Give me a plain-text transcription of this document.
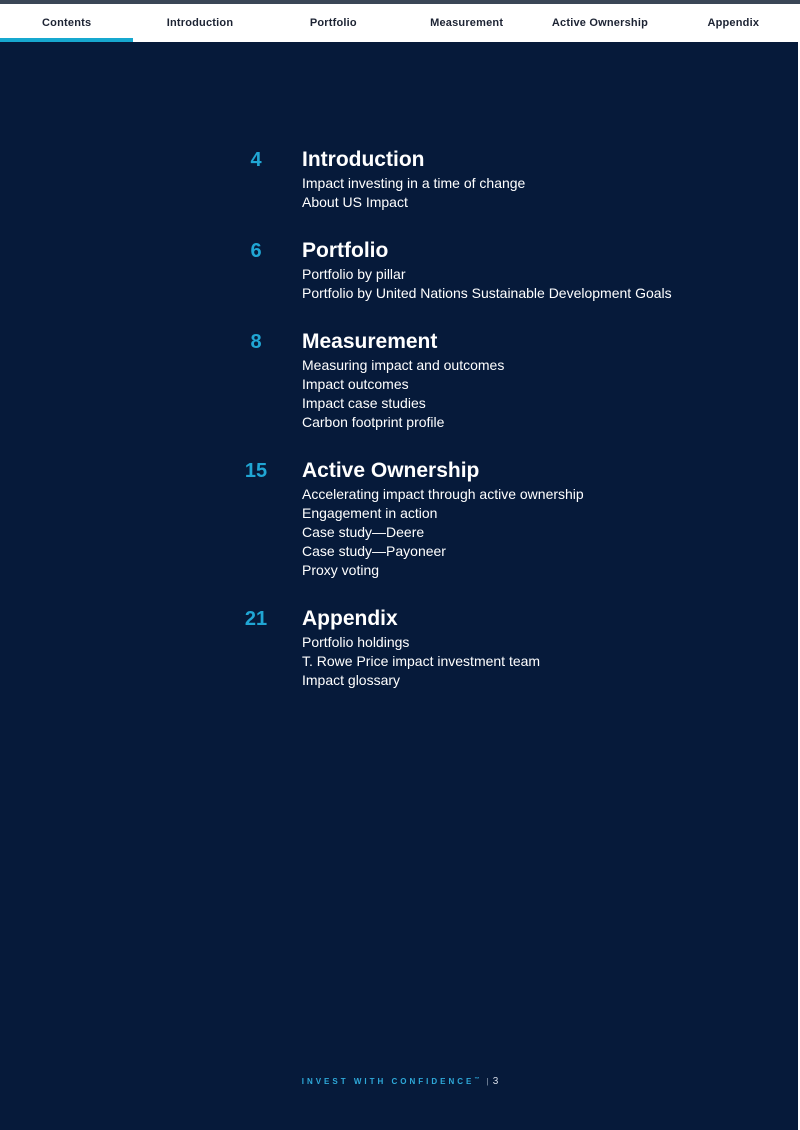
Contents	Introduction	Portfolio	Measurement	Active Ownership	Appendix
4	Introduction
Impact investing in a time of change
About US Impact
6	Portfolio
Portfolio by pillar
Portfolio by United Nations Sustainable Development Goals
8	Measurement
Measuring impact and outcomes
Impact outcomes
Impact case studies
Carbon footprint profile
15	Active Ownership
Accelerating impact through active ownership
Engagement in action
Case study—Deere
Case study—Payoneer
Proxy voting
21	Appendix
Portfolio holdings
T. Rowe Price impact investment team
Impact glossary
INVEST WITH CONFIDENCE™ | 3
